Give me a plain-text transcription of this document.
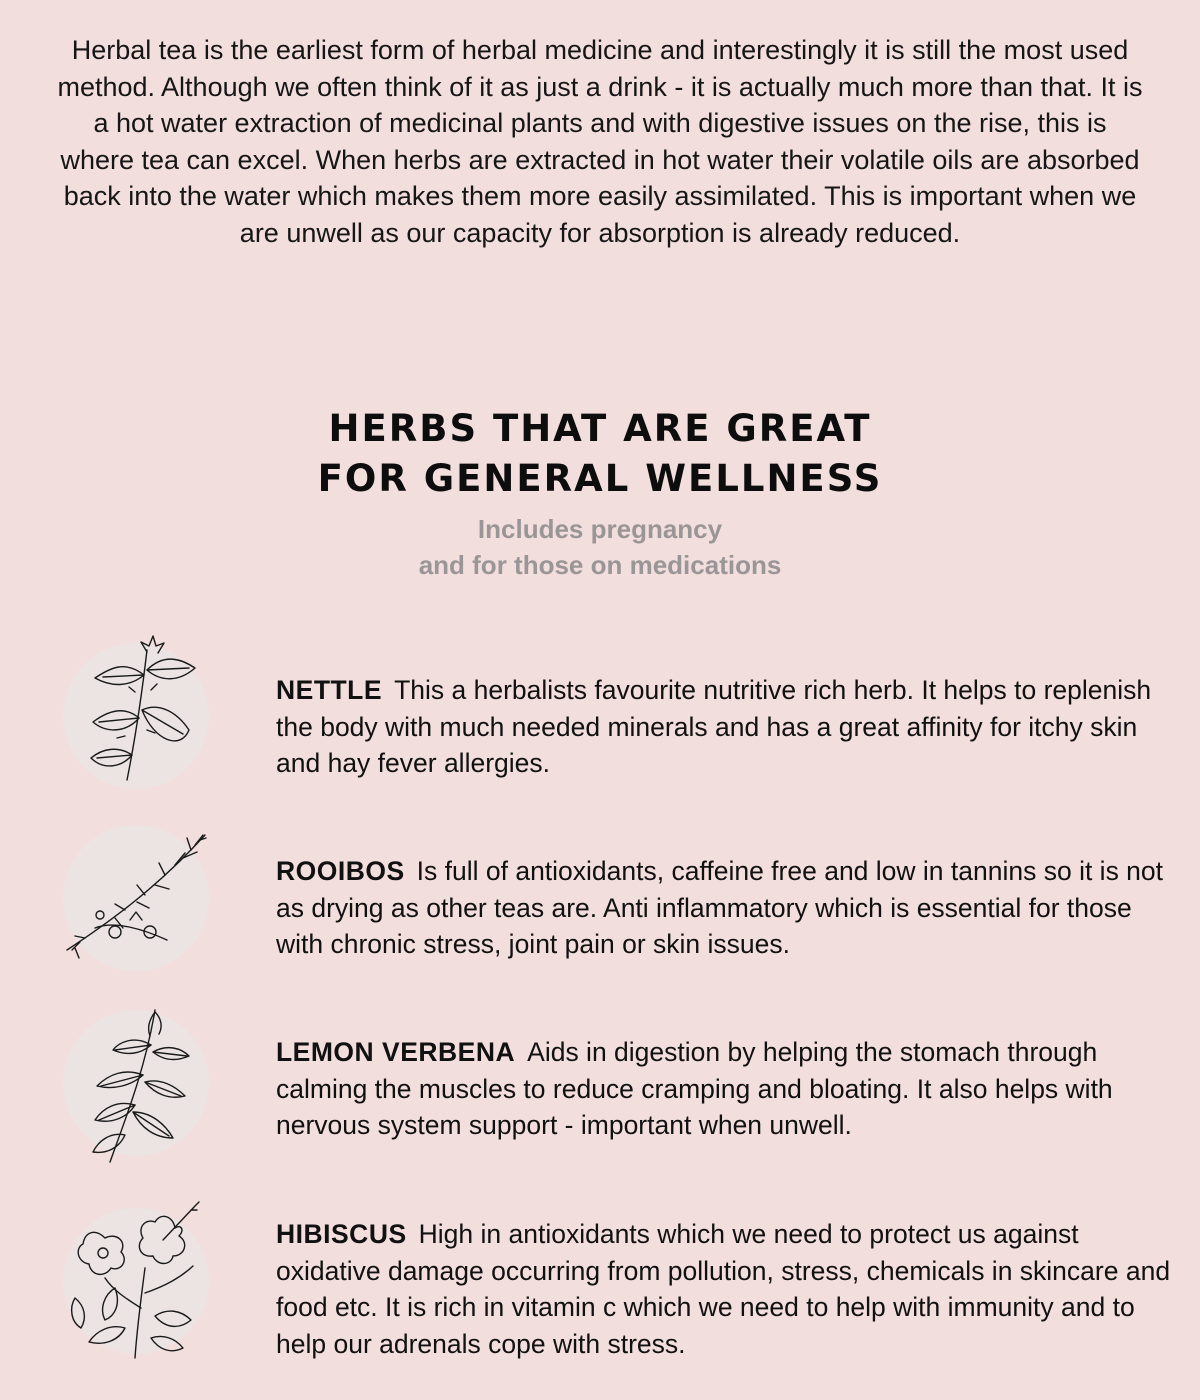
Herbal tea is the earliest form of herbal medicine and interestingly it is still the most used method. Although we often think of it as just a drink - it is actually much more than that. It is a hot water extraction of medicinal plants and with digestive issues on the rise, this is where tea can excel. When herbs are extracted in hot water their volatile oils are absorbed back into the water which makes them more easily assimilated. This is important when we are unwell as our capacity for absorption is already reduced.

HERBS THAT ARE GREAT
FOR GENERAL WELLNESS

Includes pregnancy
and for those on medications

NETTLE This a herbalists favourite nutritive rich herb. It helps to replenish the body with much needed minerals and has a great affinity for itchy skin and hay fever allergies.

ROOIBOS Is full of antioxidants, caffeine free and low in tannins so it is not as drying as other teas are. Anti inflammatory which is essential for those with chronic stress, joint pain or skin issues.

LEMON VERBENA Aids in digestion by helping the stomach through calming the muscles to reduce cramping and bloating. It also helps with nervous system support - important when unwell.

HIBISCUS High in antioxidants which we need to protect us against oxidative damage occurring from pollution, stress, chemicals in skincare and food etc. It is rich in vitamin c which we need to help with immunity and to help our adrenals cope with stress.
